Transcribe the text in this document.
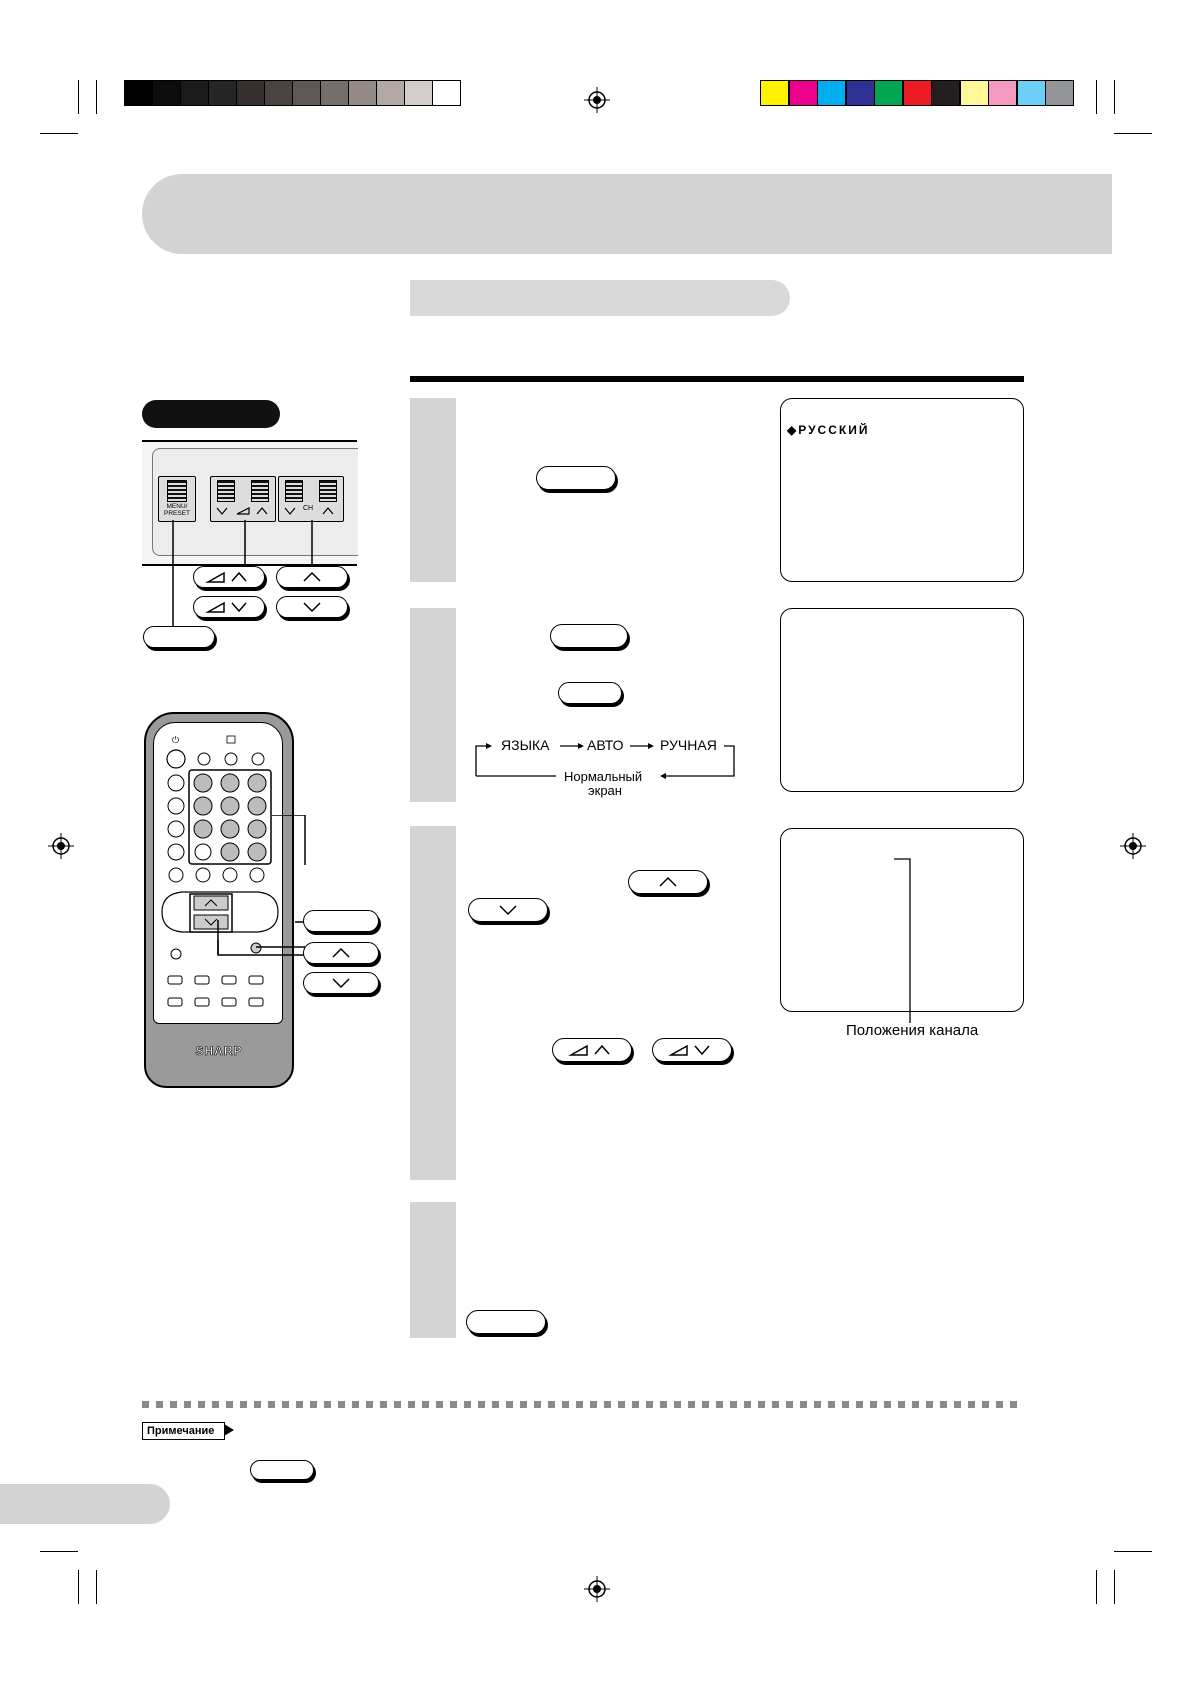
MENU/
PRESET
CH
SHARP
⏻
◆РУССКИЙ
ЯЗЫКА	АВТО	РУЧНАЯ
Нормальный
экран
Положения канала
Примечание
